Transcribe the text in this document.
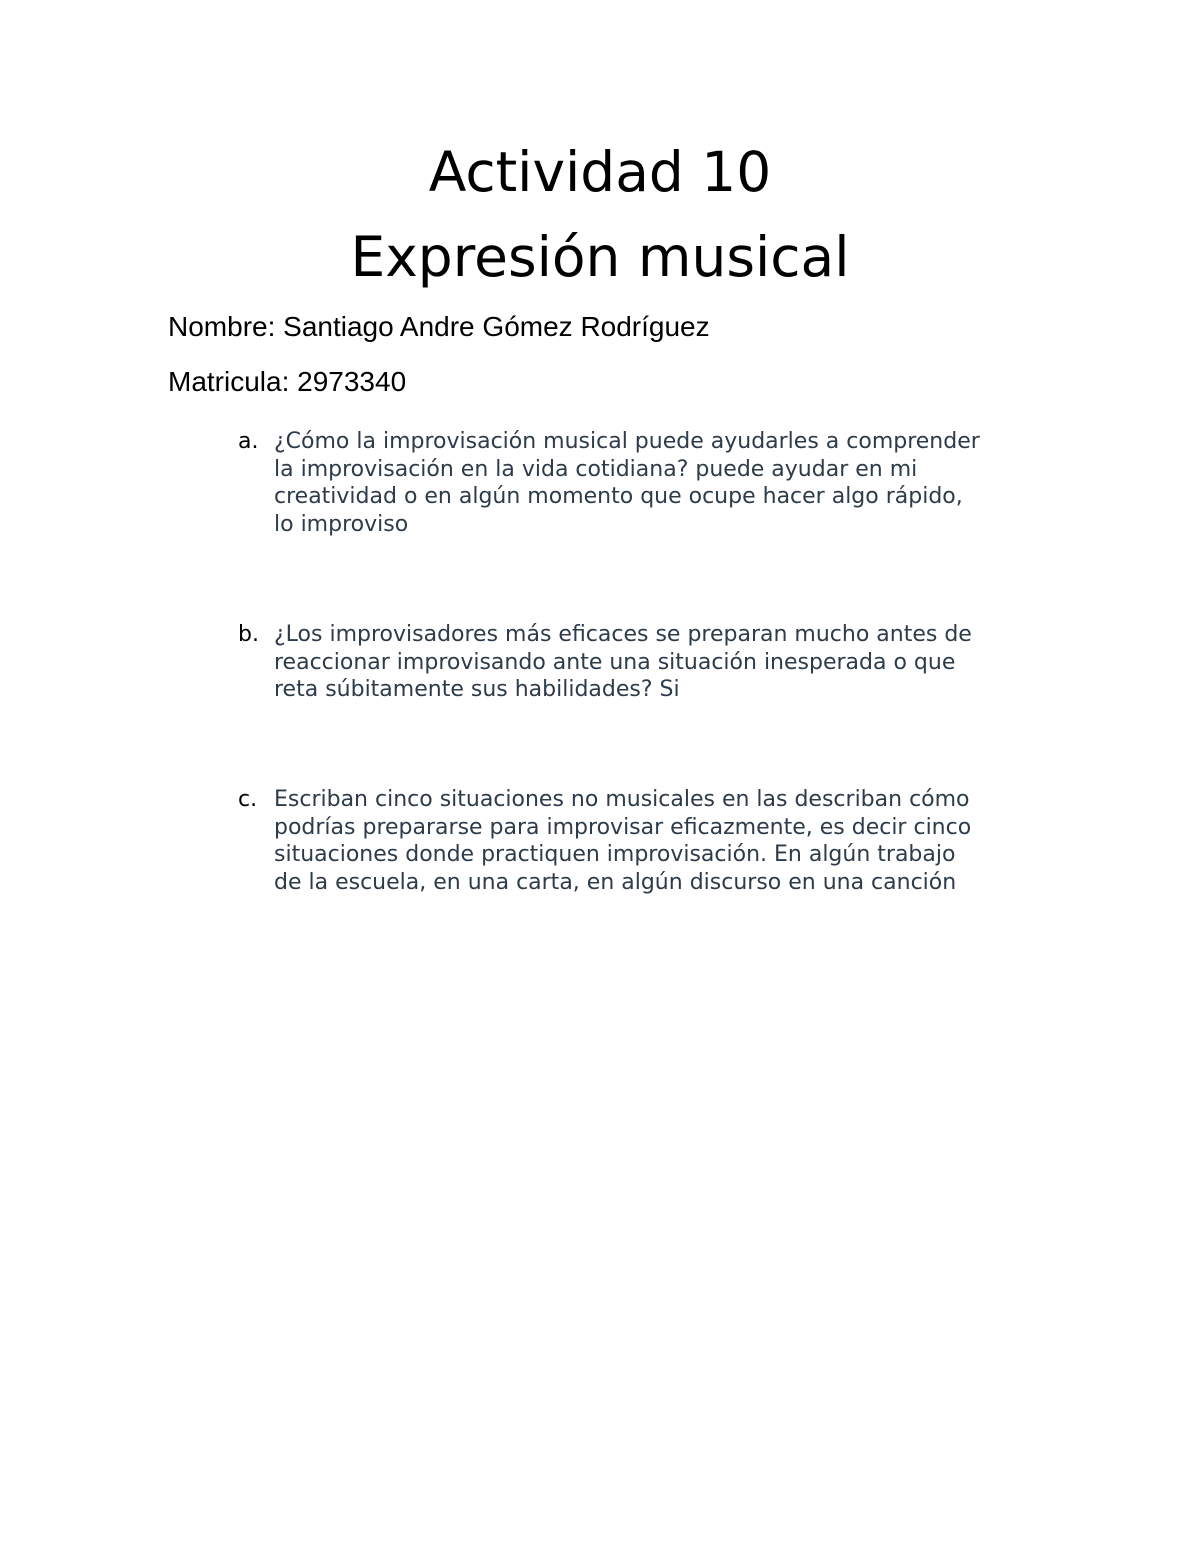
Actividad 10
Expresión musical

Nombre: Santiago Andre Gómez Rodríguez

Matricula: 2973340

a. ¿Cómo la improvisación musical puede ayudarles a comprender
la improvisación en la vida cotidiana? puede ayudar en mi
creatividad o en algún momento que ocupe hacer algo rápido,
lo improviso
b. ¿Los improvisadores más eficaces se preparan mucho antes de
reaccionar improvisando ante una situación inesperada o que
reta súbitamente sus habilidades? Si
c. Escriban cinco situaciones no musicales en las describan cómo
podrías prepararse para improvisar eficazmente, es decir cinco
situaciones donde practiquen improvisación. En algún trabajo
de la escuela, en una carta, en algún discurso en una canción
